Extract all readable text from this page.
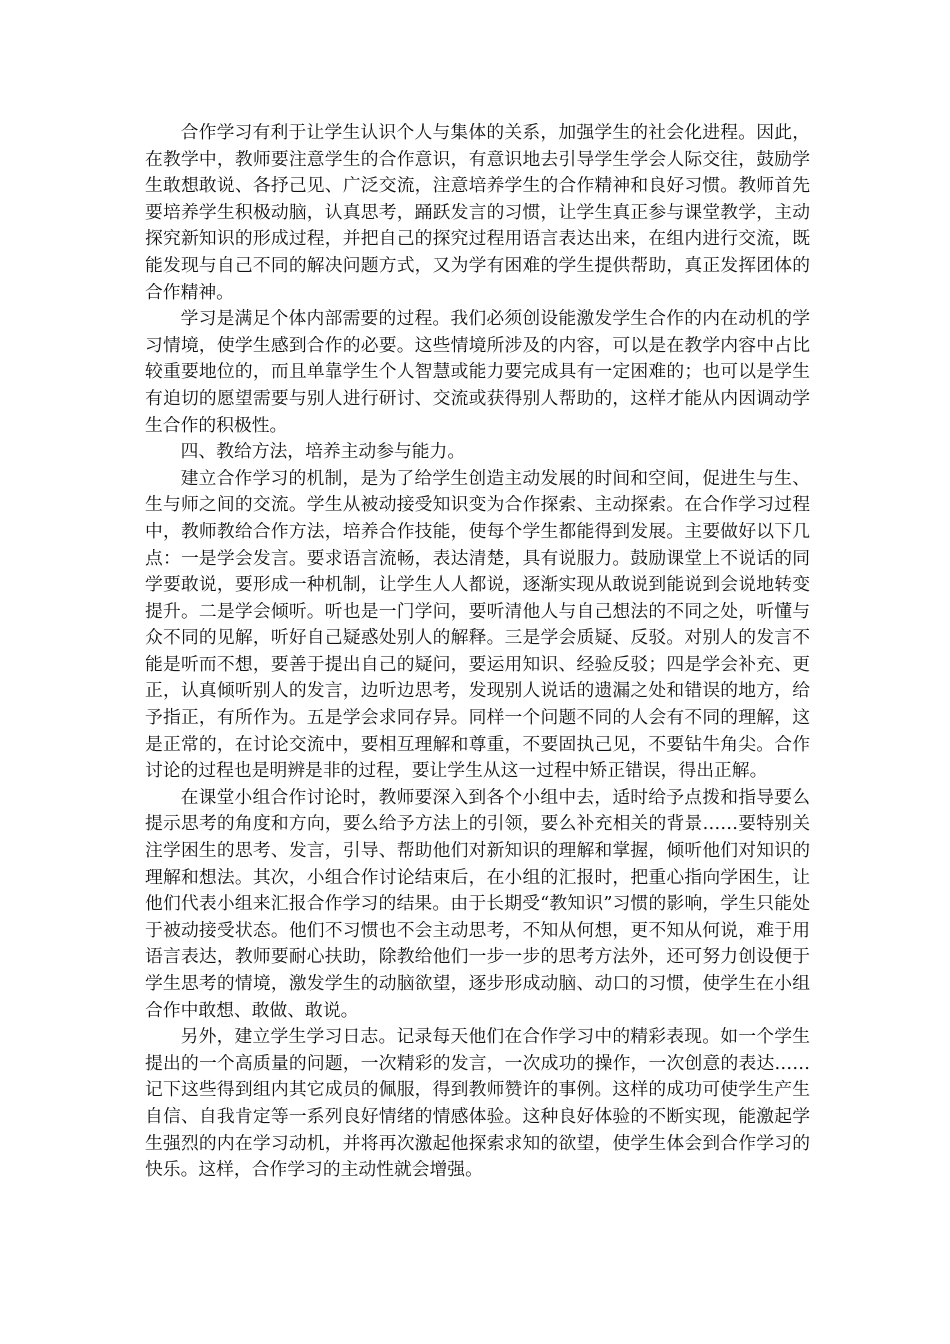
合作学习有利于让学生认识个人与集体的关系，加强学生的社会化进程。因此，在教学中，教师要注意学生的合作意识，有意识地去引导学生学会人际交往，鼓励学生敢想敢说、各抒己见、广泛交流，注意培养学生的合作精神和良好习惯。教师首先要培养学生积极动脑，认真思考，踊跃发言的习惯，让学生真正参与课堂教学，主动探究新知识的形成过程，并把自己的探究过程用语言表达出来，在组内进行交流，既能发现与自己不同的解决问题方式，又为学有困难的学生提供帮助，真正发挥团体的合作精神。

学习是满足个体内部需要的过程。我们必须创设能激发学生合作的内在动机的学习情境，使学生感到合作的必要。这些情境所涉及的内容，可以是在教学内容中占比较重要地位的，而且单靠学生个人智慧或能力要完成具有一定困难的；也可以是学生有迫切的愿望需要与别人进行研讨、交流或获得别人帮助的，这样才能从内因调动学生合作的积极性。

四、教给方法，培养主动参与能力。

建立合作学习的机制，是为了给学生创造主动发展的时间和空间，促进生与生、生与师之间的交流。学生从被动接受知识变为合作探索、主动探索。在合作学习过程中，教师教给合作方法，培养合作技能，使每个学生都能得到发展。主要做好以下几点：一是学会发言。要求语言流畅，表达清楚，具有说服力。鼓励课堂上不说话的同学要敢说，要形成一种机制，让学生人人都说，逐渐实现从敢说到能说到会说地转变提升。二是学会倾听。听也是一门学问，要听清他人与自己想法的不同之处，听懂与众不同的见解，听好自己疑惑处别人的解释。三是学会质疑、反驳。对别人的发言不能是听而不想，要善于提出自己的疑问，要运用知识、经验反驳；四是学会补充、更正，认真倾听别人的发言，边听边思考，发现别人说话的遗漏之处和错误的地方，给予指正，有所作为。五是学会求同存异。同样一个问题不同的人会有不同的理解，这是正常的，在讨论交流中，要相互理解和尊重，不要固执己见，不要钻牛角尖。合作讨论的过程也是明辨是非的过程，要让学生从这一过程中矫正错误，得出正解。

在课堂小组合作讨论时，教师要深入到各个小组中去，适时给予点拨和指导要么提示思考的角度和方向，要么给予方法上的引领，要么补充相关的背景……要特别关注学困生的思考、发言，引导、帮助他们对新知识的理解和掌握，倾听他们对知识的理解和想法。其次，小组合作讨论结束后，在小组的汇报时，把重心指向学困生，让他们代表小组来汇报合作学习的结果。由于长期受“教知识”习惯的影响，学生只能处于被动接受状态。他们不习惯也不会主动思考，不知从何想，更不知从何说，难于用语言表达，教师要耐心扶助，除教给他们一步一步的思考方法外，还可努力创设便于学生思考的情境，激发学生的动脑欲望，逐步形成动脑、动口的习惯，使学生在小组合作中敢想、敢做、敢说。

另外，建立学生学习日志。记录每天他们在合作学习中的精彩表现。如一个学生提出的一个高质量的问题，一次精彩的发言，一次成功的操作，一次创意的表达……记下这些得到组内其它成员的佩服，得到教师赞许的事例。这样的成功可使学生产生自信、自我肯定等一系列良好情绪的情感体验。这种良好体验的不断实现，能激起学生强烈的内在学习动机，并将再次激起他探索求知的欲望，使学生体会到合作学习的快乐。这样，合作学习的主动性就会增强。
